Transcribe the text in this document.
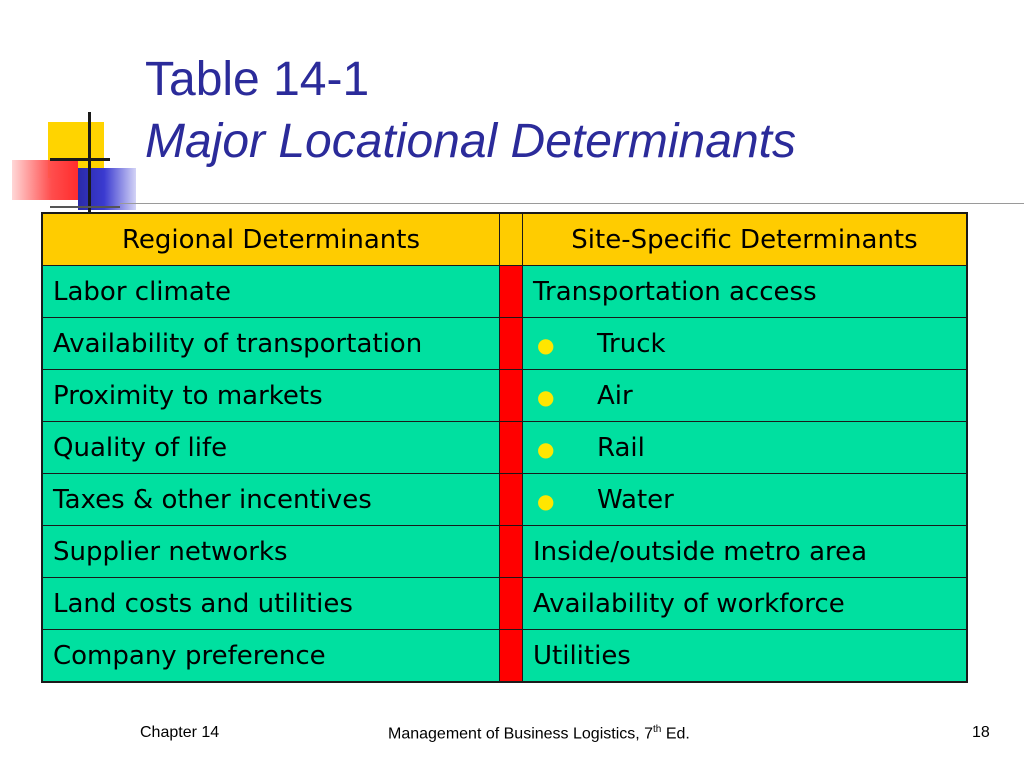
Table 14-1
Major Locational Determinants
Regional Determinants		Site-Specific Determinants
Labor climate		Transportation access
Availability of transportation		● Truck
Proximity to markets		● Air
Quality of life		● Rail
Taxes & other incentives		● Water
Supplier networks		Inside/outside metro area
Land costs and utilities		Availability of workforce
Company preference		Utilities
Chapter 14	Management of Business Logistics, 7th Ed.	18
